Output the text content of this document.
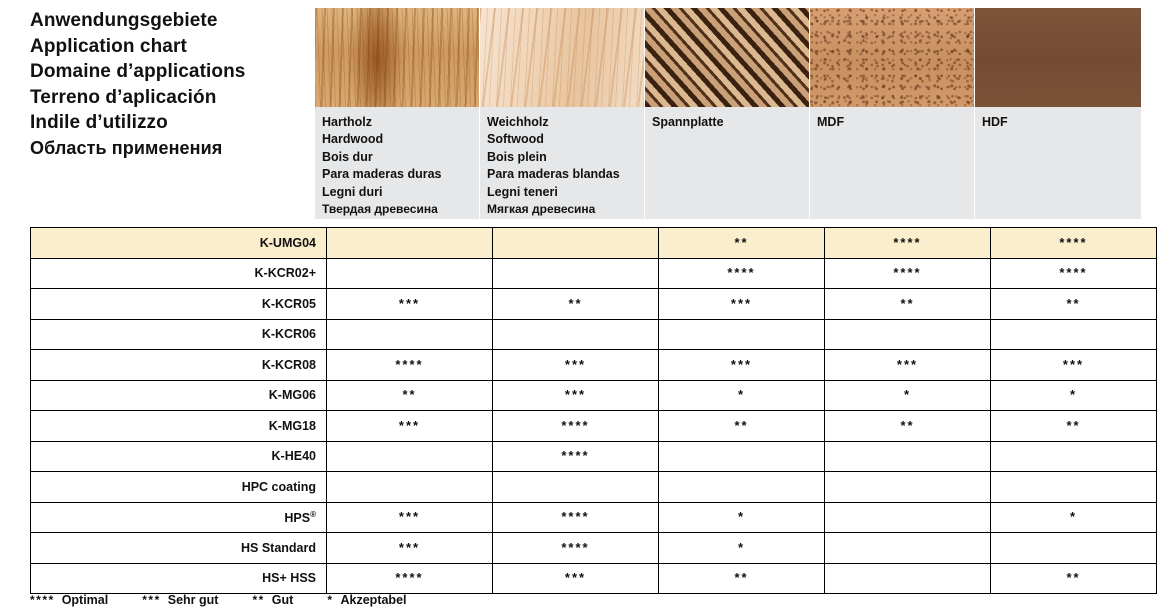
Anwendungsgebiete
Application chart
Domaine d’applications
Terreno d’aplicación
Indile d’utilizzo
Область применения
Hartholz
Hardwood
Bois dur
Para maderas duras
Legni duri
Твердая древесина
Weichholz
Softwood
Bois plein
Para maderas blandas
Legni teneri
Мягкая древесина
Spannplatte	MDF	HDF
K-UMG04			**	****	****
K-KCR02+			****	****	****
K-KCR05	***	**	***	**	**
K-KCR06					
K-KCR08	****	***	***	***	***
K-MG06	**	***	*	*	*
K-MG18	***	****	**	**	**
K-HE40		****			
HPC coating					
HPS®	***	****	*		*
HS Standard	***	****	*		
HS+ HSS	****	***	**		**
**** Optimal	*** Sehr gut	** Gut	* Akzeptabel
